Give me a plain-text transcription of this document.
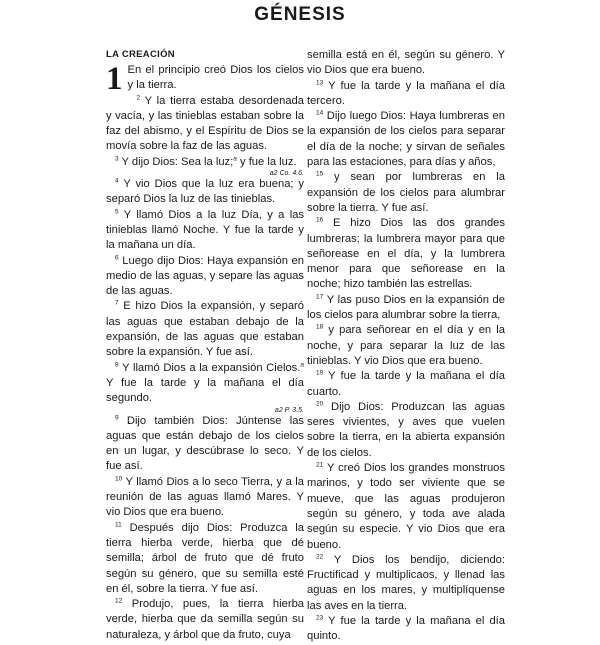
GÉNESIS

LA CREACIÓN

1 En el principio creó Dios los cielos y la tierra.

$^2$ Y la tierra estaba desordenada y vacía, y las tinieblas estaban sobre la faz del abismo, y el Espíritu de Dios se movía sobre la faz de las aguas.

$^3$ Y dijo Dios: Sea la luz;$^a$ y fue la luz.

a2 Co. 4.6.

$^4$ Y vio Dios que la luz era buena; y separó Dios la luz de las tinieblas.

$^5$ Y llamó Dios a la luz Día, y a las tinieblas llamó Noche. Y fue la tarde y la mañana un día.

$^6$ Luego dijo Dios: Haya expansión en medio de las aguas, y separe las aguas de las aguas.

$^7$ E hizo Dios la expansión, y separó las aguas que estaban debajo de la expansión, de las aguas que estaban sobre la expansión. Y fue así.

$^8$ Y llamó Dios a la expansión Cielos.$^a$ Y fue la tarde y la mañana el día segundo.

a2 P. 3.5.

$^9$ Dijo también Dios: Júntense las aguas que están debajo de los cielos en un lugar, y descúbrase lo seco. Y fue así.

$^{10}$ Y llamó Dios a lo seco Tierra, y a la reunión de las aguas llamó Mares. Y vio Dios que era bueno.

$^{11}$ Después dijo Dios: Produzca la tierra hierba verde, hierba que dé semilla; árbol de fruto que dé fruto según su género, que su semilla esté en él, sobre la tierra. Y fue así.

$^{12}$ Produjo, pues, la tierra hierba verde, hierba que da semilla según su naturaleza, y árbol que da fruto, cuya

semilla está en él, según su género. Y vio Dios que era bueno.

$^{13}$ Y fue la tarde y la mañana el día tercero.

$^{14}$ Dijo luego Dios: Haya lumbreras en la expansión de los cielos para separar el día de la noche; y sirvan de señales para las estaciones, para días y años,

$^{15}$ y sean por lumbreras en la expansión de los cielos para alumbrar sobre la tierra. Y fue así.

$^{16}$ E hizo Dios las dos grandes lumbreras; la lumbrera mayor para que señorease en el día, y la lumbrera menor para que señorease en la noche; hizo también las estrellas.

$^{17}$ Y las puso Dios en la expansión de los cielos para alumbrar sobre la tierra,

$^{18}$ y para señorear en el día y en la noche, y para separar la luz de las tinieblas. Y vio Dios que era bueno.

$^{19}$ Y fue la tarde y la mañana el día cuarto.

$^{20}$ Dijo Dios: Produzcan las aguas seres vivientes, y aves que vuelen sobre la tierra, en la abierta expansión de los cielos.

$^{21}$ Y creó Dios los grandes monstruos marinos, y todo ser viviente que se mueve, que las aguas produjeron según su género, y toda ave alada según su especie. Y vio Dios que era bueno.

$^{22}$ Y Dios los bendijo, diciendo: Fructificad y multiplicaos, y llenad las aguas en los mares, y multiplíquense las aves en la tierra.

$^{23}$ Y fue la tarde y la mañana el día quinto.
